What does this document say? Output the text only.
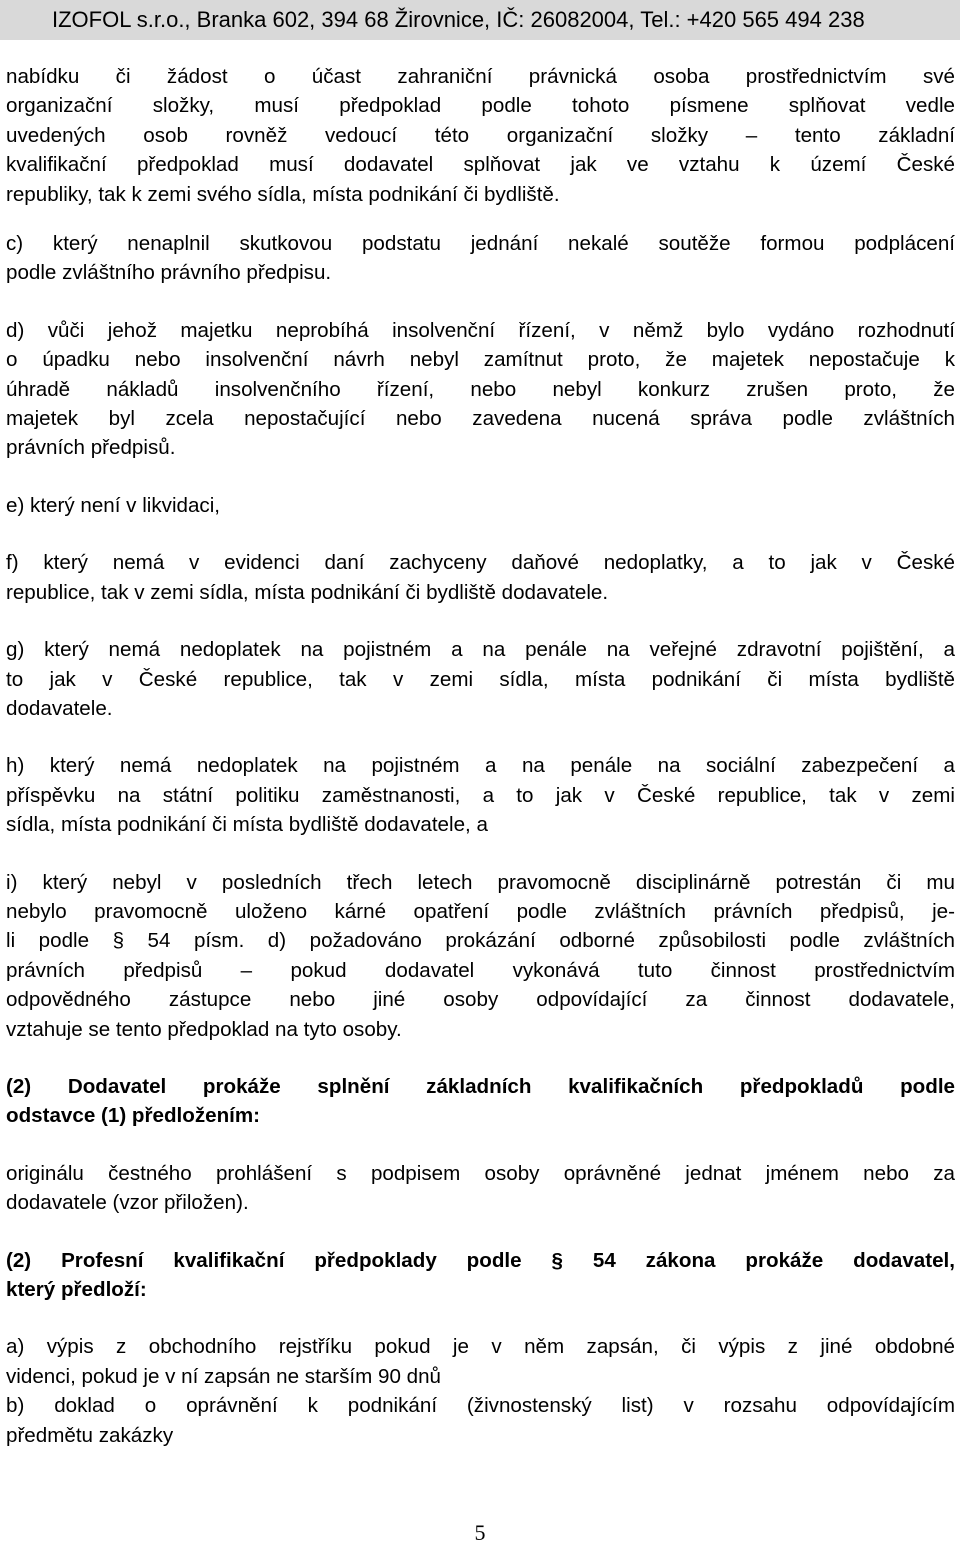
IZOFOL s.r.o., Branka 602, 394 68 Žirovnice, IČ: 26082004, Tel.: +420 565 494 238
nabídku či žádost o účast zahraniční právnická osoba prostřednictvím své
organizační složky, musí předpoklad podle tohoto písmene splňovat vedle
uvedených osob rovněž vedoucí této organizační složky – tento základní
kvalifikační předpoklad musí dodavatel splňovat jak ve vztahu k území České
republiky, tak k zemi svého sídla, místa podnikání či bydliště.
c) který nenaplnil skutkovou podstatu jednání nekalé soutěže formou podplácení
podle zvláštního právního předpisu.
d) vůči jehož majetku neprobíhá insolvenční řízení, v němž bylo vydáno rozhodnutí
o úpadku nebo insolvenční návrh nebyl zamítnut proto, že majetek nepostačuje k
úhradě nákladů insolvenčního řízení, nebo nebyl konkurz zrušen proto, že
majetek byl zcela nepostačující nebo zavedena nucená správa podle zvláštních
právních předpisů.
e) který není v likvidaci,
f) který nemá v evidenci daní zachyceny daňové nedoplatky, a to jak v České
republice, tak v zemi sídla, místa podnikání či bydliště dodavatele.
g) který nemá nedoplatek na pojistném a na penále na veřejné zdravotní pojištění, a
to jak v České republice, tak v zemi sídla, místa podnikání či místa bydliště
dodavatele.
h) který nemá nedoplatek na pojistném a na penále na sociální zabezpečení a
příspěvku na státní politiku zaměstnanosti, a to jak v České republice, tak v zemi
sídla, místa podnikání či místa bydliště dodavatele, a
i) který nebyl v posledních třech letech pravomocně disciplinárně potrestán či mu
nebylo pravomocně uloženo kárné opatření podle zvláštních právních předpisů, je-
li podle § 54 písm. d) požadováno prokázání odborné způsobilosti podle zvláštních
právních předpisů – pokud dodavatel vykonává tuto činnost prostřednictvím
odpovědného zástupce nebo jiné osoby odpovídající za činnost dodavatele,
vztahuje se tento předpoklad na tyto osoby.
(2) Dodavatel prokáže splnění základních kvalifikačních předpokladů podle
odstavce (1) předložením:
originálu čestného prohlášení s podpisem osoby oprávněné jednat jménem nebo za
dodavatele (vzor přiložen).
(2) Profesní kvalifikační předpoklady podle § 54 zákona prokáže dodavatel,
který předloží:
a) výpis z obchodního rejstříku pokud je v něm zapsán, či výpis z jiné obdobné
videnci, pokud je v ní zapsán ne starším 90 dnů
b) doklad o oprávnění k podnikání (živnostenský list) v rozsahu odpovídajícím
předmětu zakázky
5
